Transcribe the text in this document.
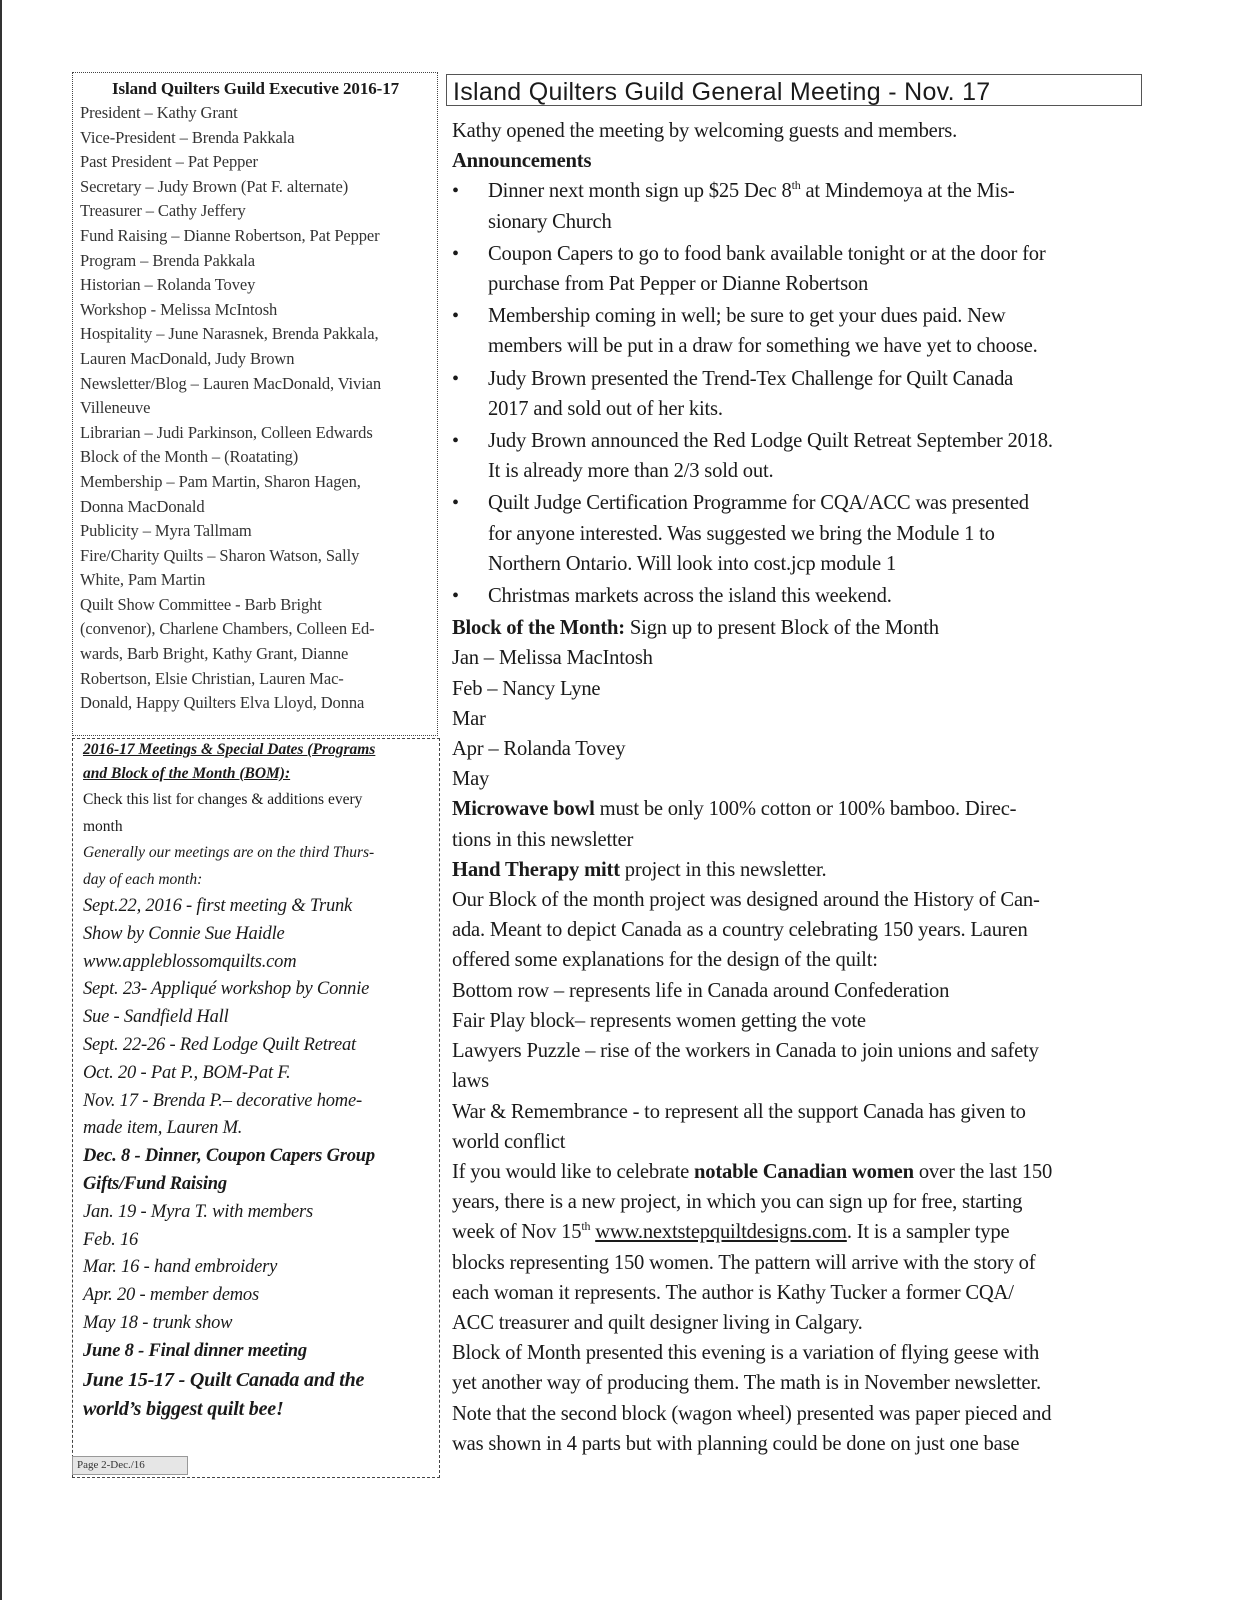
Island Quilters Guild Executive 2016-17
President – Kathy Grant
Vice-President – Brenda Pakkala
Past President – Pat Pepper
Secretary – Judy Brown (Pat F. alternate)
Treasurer – Cathy Jeffery
Fund Raising – Dianne Robertson, Pat Pepper
Program – Brenda Pakkala
Historian – Rolanda Tovey
Workshop - Melissa McIntosh
Hospitality – June Narasnek, Brenda Pakkala,
Lauren MacDonald, Judy Brown
Newsletter/Blog – Lauren MacDonald, Vivian
Villeneuve
Librarian – Judi Parkinson, Colleen Edwards
Block of the Month – (Roatating)
Membership – Pam Martin, Sharon Hagen,
Donna MacDonald
Publicity – Myra Tallmam
Fire/Charity Quilts – Sharon Watson, Sally
White, Pam Martin
Quilt Show Committee - Barb Bright
(convenor), Charlene Chambers, Colleen Ed-
wards, Barb Bright, Kathy Grant, Dianne
Robertson, Elsie Christian, Lauren Mac-
Donald, Happy Quilters Elva Lloyd, Donna
2016-17 Meetings & Special Dates (Programs
and Block of the Month (BOM):
Check this list for changes & additions every
month
Generally our meetings are on the third Thurs-
day of each month:
Sept.22, 2016 - first meeting & Trunk
Show by Connie Sue Haidle
www.appleblossomquilts.com
Sept. 23- Appliqué workshop by Connie
Sue - Sandfield Hall
Sept. 22-26 - Red Lodge Quilt Retreat
Oct. 20 - Pat P., BOM-Pat F.
Nov. 17 - Brenda P.– decorative home-
made item, Lauren M.
Dec. 8 - Dinner, Coupon Capers Group
Gifts/Fund Raising
Jan. 19 - Myra T. with members
Feb. 16
Mar. 16 - hand embroidery
Apr. 20 - member demos
May 18 - trunk show
June 8 - Final dinner meeting
June 15-17 - Quilt Canada and the
world’s biggest quilt bee!
Page 2-Dec./16
Island Quilters Guild General Meeting - Nov. 17
Kathy opened the meeting by welcoming guests and members.
Announcements
• Dinner next month sign up $25 Dec 8th at Mindemoya at the Mis-
sionary Church
• Coupon Capers to go to food bank available tonight or at the door for
purchase from Pat Pepper or Dianne Robertson
• Membership coming in well; be sure to get your dues paid. New
members will be put in a draw for something we have yet to choose.
• Judy Brown presented the Trend-Tex Challenge for Quilt Canada
2017 and sold out of her kits.
• Judy Brown announced the Red Lodge Quilt Retreat September 2018.
It is already more than 2/3 sold out.
• Quilt Judge Certification Programme for CQA/ACC was presented
for anyone interested. Was suggested we bring the Module 1 to
Northern Ontario. Will look into cost.jcp module 1
• Christmas markets across the island this weekend.
Block of the Month: Sign up to present Block of the Month
Jan – Melissa MacIntosh
Feb – Nancy Lyne
Mar
Apr – Rolanda Tovey
May
Microwave bowl must be only 100% cotton or 100% bamboo. Direc-
tions in this newsletter
Hand Therapy mitt project in this newsletter.
Our Block of the month project was designed around the History of Can-
ada. Meant to depict Canada as a country celebrating 150 years. Lauren
offered some explanations for the design of the quilt:
Bottom row – represents life in Canada around Confederation
Fair Play block– represents women getting the vote
Lawyers Puzzle – rise of the workers in Canada to join unions and safety
laws
War & Remembrance - to represent all the support Canada has given to
world conflict
If you would like to celebrate notable Canadian women over the last 150
years, there is a new project, in which you can sign up for free, starting
week of Nov 15th www.nextstepquiltdesigns.com. It is a sampler type
blocks representing 150 women. The pattern will arrive with the story of
each woman it represents. The author is Kathy Tucker a former CQA/
ACC treasurer and quilt designer living in Calgary.
Block of Month presented this evening is a variation of flying geese with
yet another way of producing them. The math is in November newsletter.
Note that the second block (wagon wheel) presented was paper pieced and
was shown in 4 parts but with planning could be done on just one base
